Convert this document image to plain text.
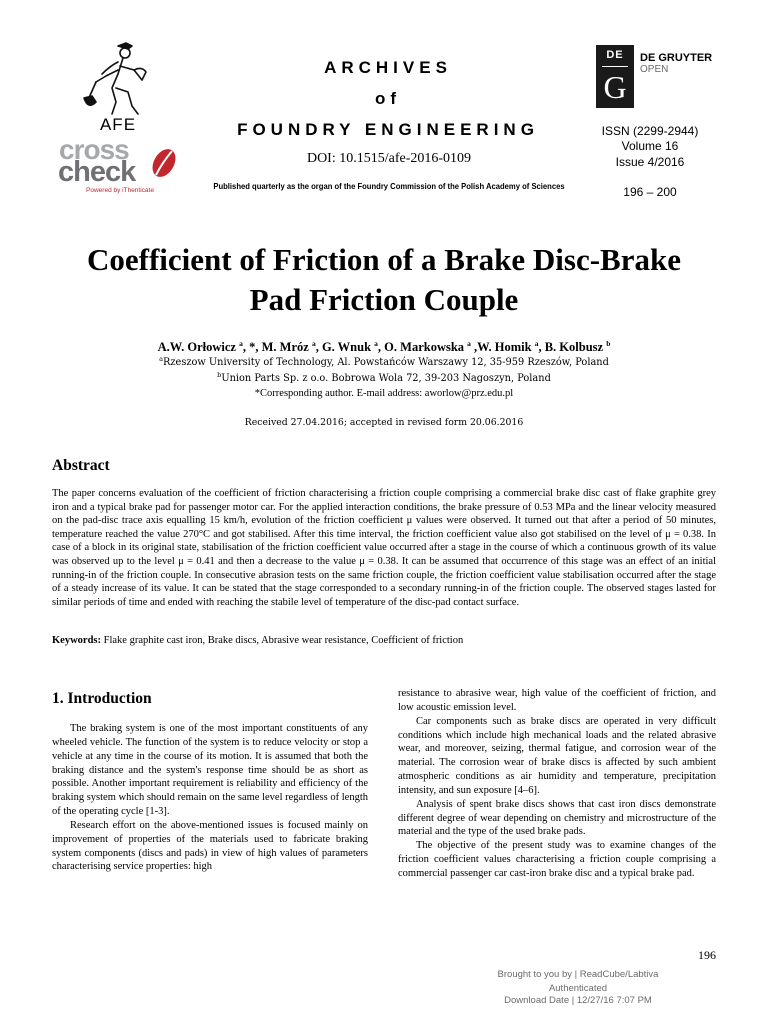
AFE
cross
check
Powered by iThenticate
ARCHIVES
of
FOUNDRY ENGINEERING
DOI: 10.1515/afe-2016-0109
Published quarterly as the organ of the Foundry Commission of the Polish Academy of Sciences
DE
G
DE GRUYTER
OPEN
ISSN (2299-2944)
Volume 16
Issue 4/2016
196 – 200
Coefficient of Friction of a Brake Disc-Brake
Pad Friction Couple
A.W. Orłowicz $^a$, *, M. Mróz $^a$, G. Wnuk $^a$, O. Markowska $^a$ ,W. Homik $^a$, B. Kolbusz $^b$
$^a$Rzeszow University of Technology, Al. Powstańców Warszawy 12, 35-959 Rzeszów, Poland
$^b$Union Parts Sp. z o.o. Bobrowa Wola 72, 39-203 Nagoszyn, Poland
*Corresponding author. E-mail address: aworlow@prz.edu.pl
Received 27.04.2016; accepted in revised form 20.06.2016
Abstract

The paper concerns evaluation of the coefficient of friction characterising a friction couple comprising a commercial brake disc cast of flake graphite grey iron and a typical brake pad for passenger motor car. For the applied interaction conditions, the brake pressure of 0.53 MPa and the linear velocity measured on the pad-disc trace axis equalling 15 km/h, evolution of the friction coefficient μ values were observed. It turned out that after a period of 50 minutes, temperature reached the value 270°C and got stabilised. After this time interval, the friction coefficient value also got stabilised on the level of μ = 0.38. In case of a block in its original state, stabilisation of the friction coefficient value occurred after a stage in the course of which a continuous growth of its value was observed up to the level μ = 0.41 and then a decrease to the value μ = 0.38. It can be assumed that occurrence of this stage was an effect of an initial running-in of the friction couple. In consecutive abrasion tests on the same friction couple, the friction coefficient value stabilisation occurred after the stage of a steady increase of its value. It can be stated that the stage corresponded to a secondary running-in of the friction couple. The observed stages lasted for similar periods of time and ended with reaching the stabile level of temperature of the disc-pad contact surface.

Keywords: Flake graphite cast iron, Brake discs, Abrasive wear resistance, Coefficient of friction
1. Introduction

The braking system is one of the most important constituents of any wheeled vehicle. The function of the system is to reduce velocity or stop a vehicle at any time in the course of its motion. It is assumed that both the braking distance and the system's response time should be as short as possible. Another important requirement is reliability and efficiency of the braking system which should remain on the same level regardless of length of the operating cycle [1-3].

Research effort on the above-mentioned issues is focused mainly on improvement of properties of the materials used to fabricate braking system components (discs and pads) in view of high values of parameters characterising service properties: high

resistance to abrasive wear, high value of the coefficient of friction, and low acoustic emission level.

Car components such as brake discs are operated in very difficult conditions which include high mechanical loads and the related abrasive wear, and moreover, seizing, thermal fatigue, and corrosion wear of the material. The corrosion wear of brake discs is affected by such ambient atmospheric conditions as air humidity and temperature, precipitation intensity, and sun exposure [4–6].

Analysis of spent brake discs shows that cast iron discs demonstrate different degree of wear depending on chemistry and microstructure of the material and the type of the used brake pads.

The objective of the present study was to examine changes of the friction coefficient values characterising a friction couple comprising a commercial passenger car cast-iron brake disc and a typical brake pad.

196
Brought to you by | ReadCube/Labtiva
Authenticated
Download Date | 12/27/16 7:07 PM
